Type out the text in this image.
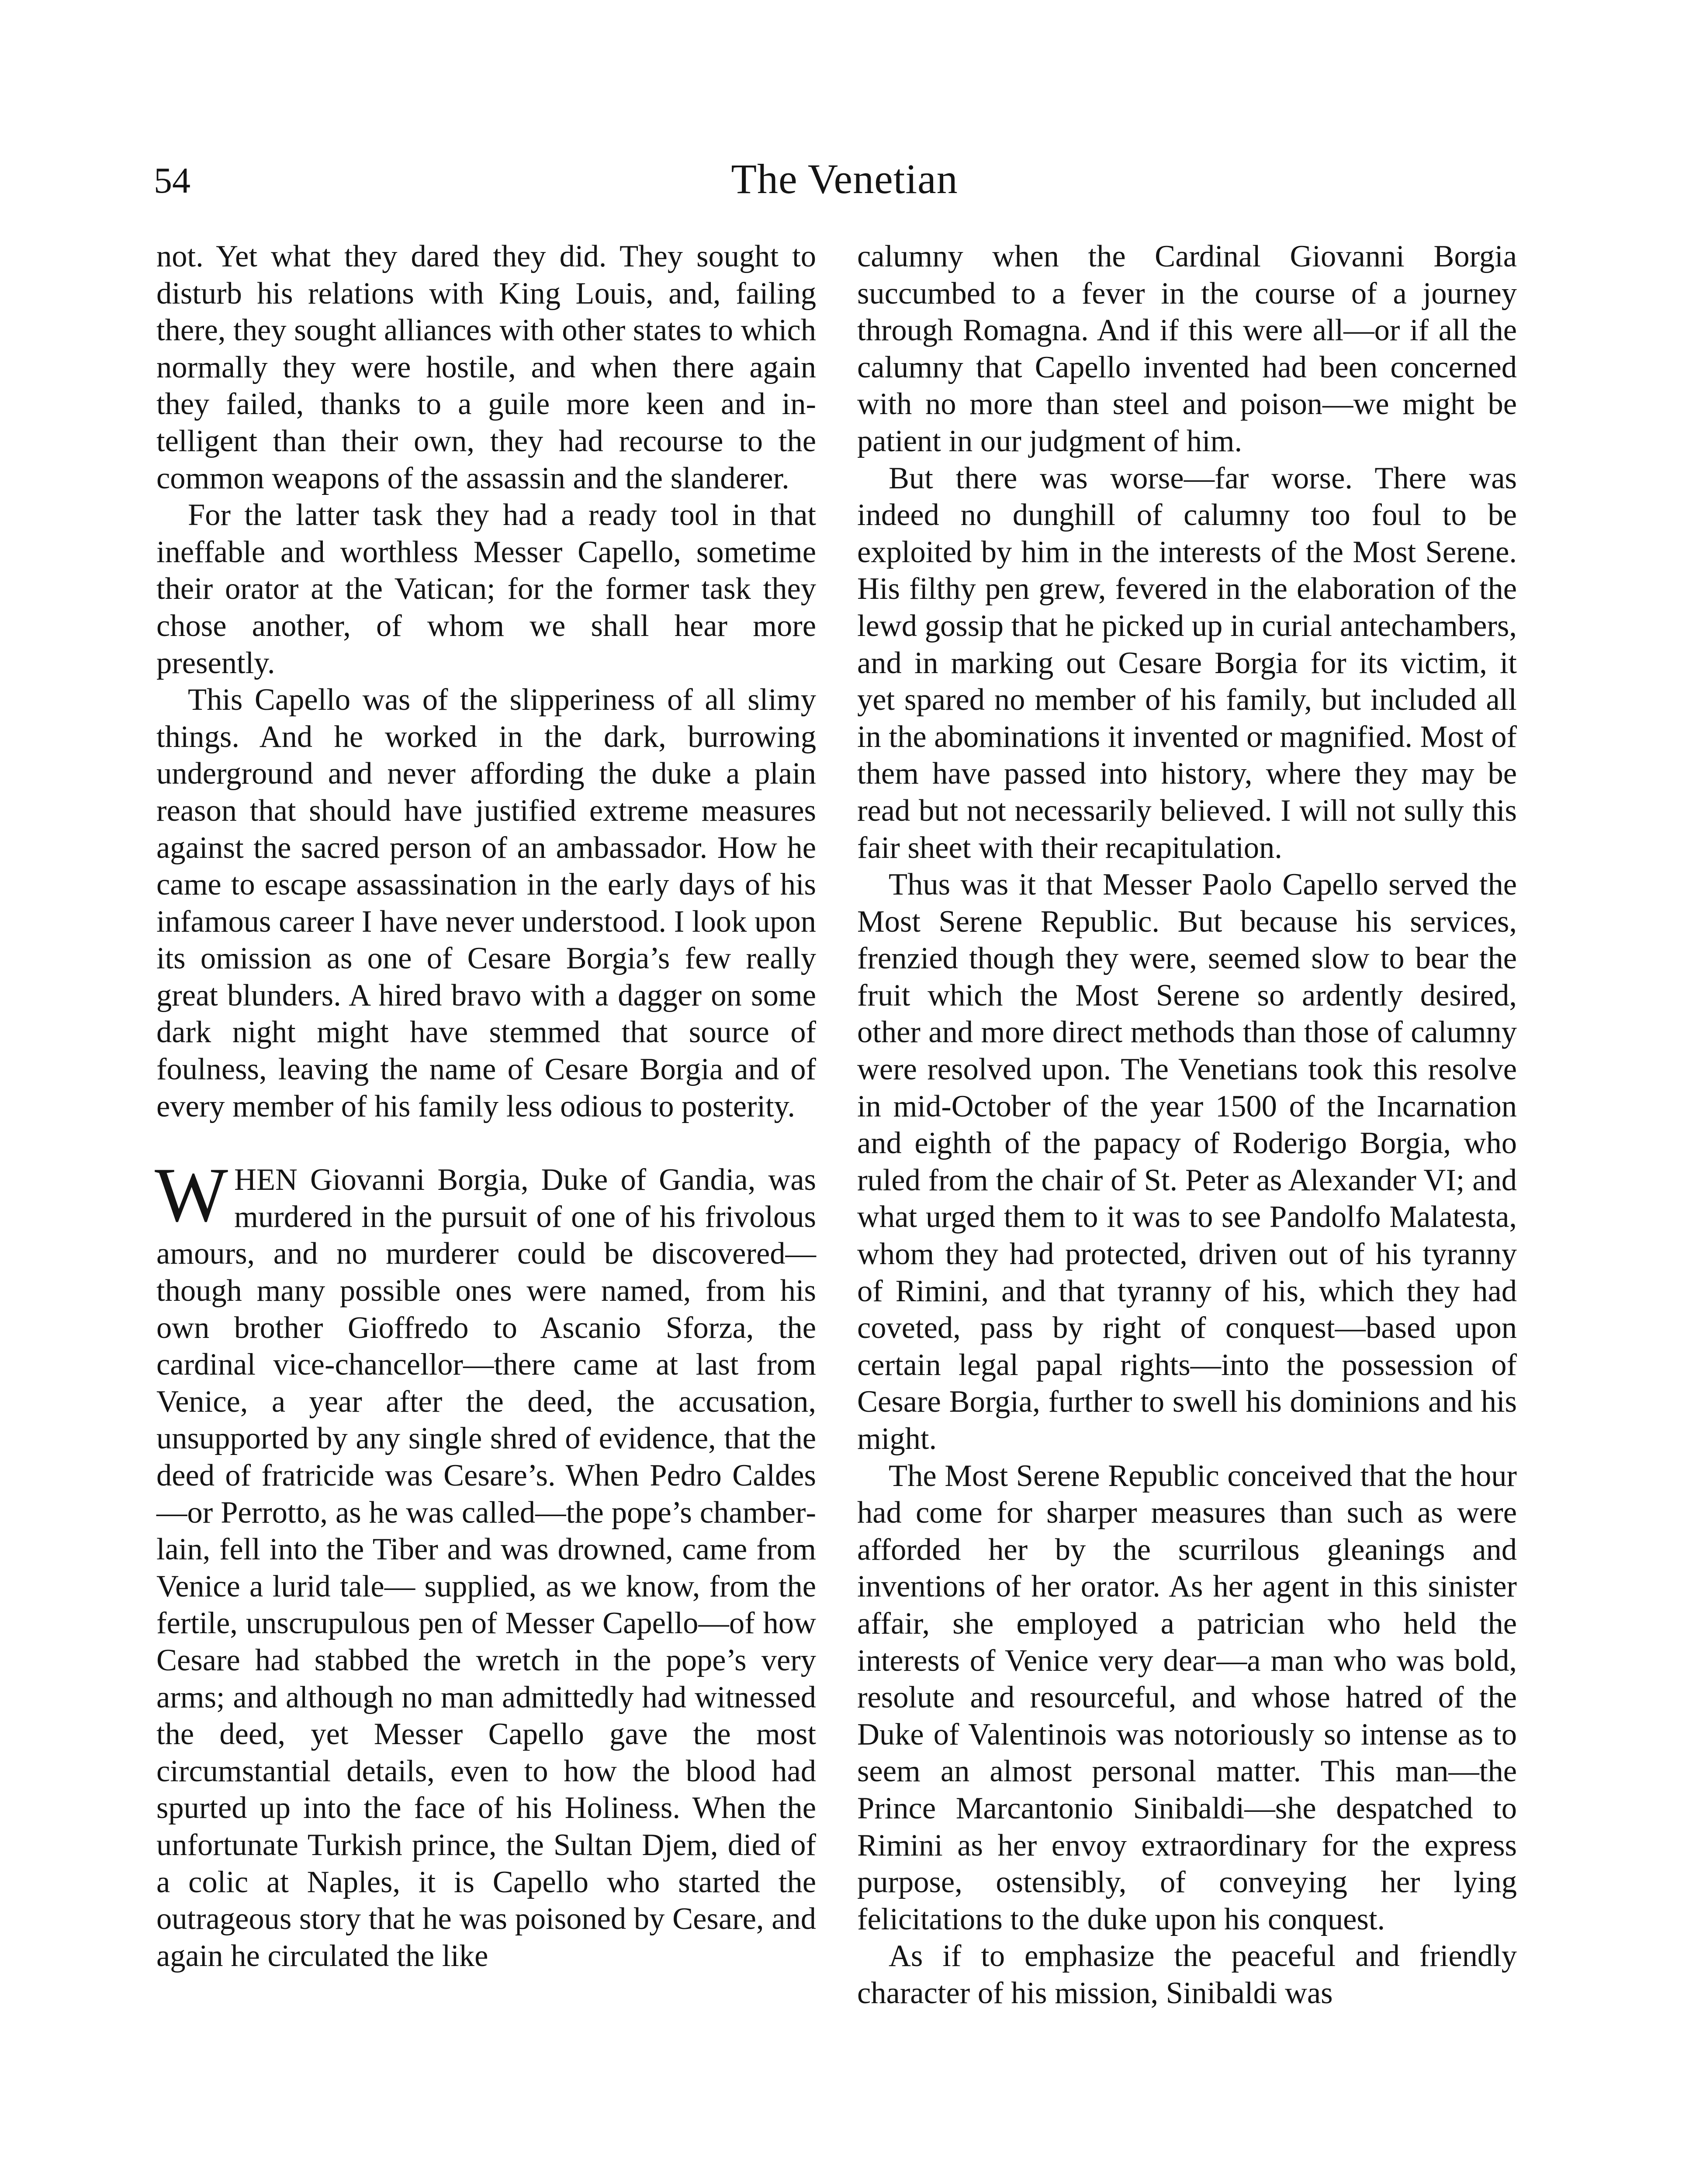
54	The Venetian

not. Yet what they dared they did. They sought to disturb his relations with King Louis, and, failing there, they sought alliances with other states to which normally they were hostile, and when there again they failed, thanks to a guile more keen and intelligent than their own, they had recourse to the common weapons of the assassin and the slanderer.

For the latter task they had a ready tool in that ineffable and worthless Messer Capello, sometime their orator at the Vatican; for the former task they chose another, of whom we shall hear more presently.

This Capello was of the slipperiness of all slimy things. And he worked in the dark, burrowing underground and never affording the duke a plain reason that should have justified extreme measures against the sacred person of an ambassador. How he came to escape assassination in the early days of his infamous career I have never understood. I look upon its omission as one of Cesare Borgia’s few really great blunders. A hired bravo with a dagger on some dark night might have stemmed that source of foulness, leaving the name of Cesare Borgia and of every member of his family less odious to posterity.

WHEN Giovanni Borgia, Duke of Gandia, was murdered in the pursuit of one of his frivolous amours, and no murderer could be discovered—though many possible ones were named, from his own brother Gioffredo to Ascanio Sforza, the cardinal vice-chancellor—there came at last from Venice, a year after the deed, the accusation, unsupported by any single shred of evidence, that the deed of fratricide was Cesare’s. When Pedro Caldes—or Perrotto, as he was called—the pope’s chamberlain, fell into the Tiber and was drowned, came from Venice a lurid tale— supplied, as we know, from the fertile, unscrupulous pen of Messer Capello—of how Cesare had stabbed the wretch in the pope’s very arms; and although no man admittedly had witnessed the deed, yet Messer Capello gave the most circumstantial details, even to how the blood had spurted up into the face of his Holiness. When the unfortunate Turkish prince, the Sultan Djem, died of a colic at Naples, it is Capello who started the outrageous story that he was poisoned by Cesare, and again he circulated the like

calumny when the Cardinal Giovanni Borgia succumbed to a fever in the course of a journey through Romagna. And if this were all—or if all the calumny that Capello invented had been concerned with no more than steel and poison—we might be patient in our judgment of him.

But there was worse—far worse. There was indeed no dunghill of calumny too foul to be exploited by him in the interests of the Most Serene. His filthy pen grew, fevered in the elaboration of the lewd gossip that he picked up in curial antechambers, and in marking out Cesare Borgia for its victim, it yet spared no member of his family, but included all in the abominations it invented or magnified. Most of them have passed into history, where they may be read but not necessarily believed. I will not sully this fair sheet with their recapitulation.

Thus was it that Messer Paolo Capello served the Most Serene Republic. But because his services, frenzied though they were, seemed slow to bear the fruit which the Most Serene so ardently desired, other and more direct methods than those of calumny were resolved upon. The Venetians took this resolve in mid-October of the year 1500 of the Incarnation and eighth of the papacy of Roderigo Borgia, who ruled from the chair of St. Peter as Alexander VI; and what urged them to it was to see Pandolfo Malatesta, whom they had protected, driven out of his tyranny of Rimini, and that tyranny of his, which they had coveted, pass by right of conquest—based upon certain legal papal rights—into the possession of Cesare Borgia, further to swell his dominions and his might.

The Most Serene Republic conceived that the hour had come for sharper measures than such as were afforded her by the scurrilous gleanings and inventions of her orator. As her agent in this sinister affair, she employed a patrician who held the interests of Venice very dear—a man who was bold, resolute and resourceful, and whose hatred of the Duke of Valentinois was notoriously so intense as to seem an almost personal matter. This man—the Prince Marcantonio Sinibaldi—she despatched to Rimini as her envoy extraordinary for the express purpose, ostensibly, of conveying her lying felicitations to the duke upon his conquest.

As if to emphasize the peaceful and friendly character of his mission, Sinibaldi was
